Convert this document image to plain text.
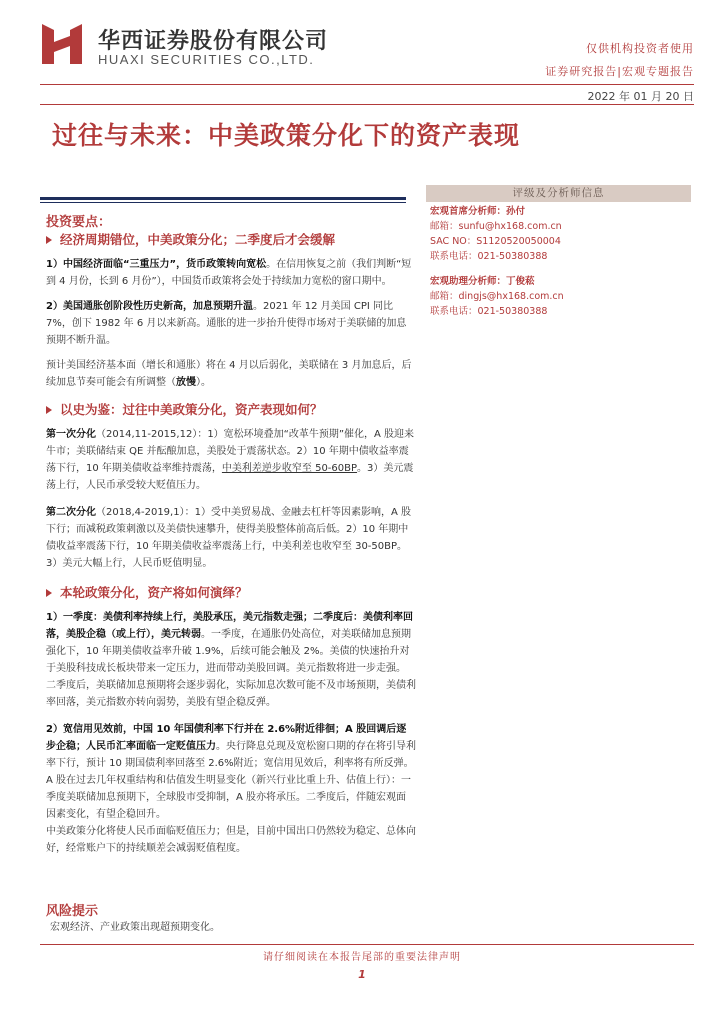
华西证券股份有限公司
HUAXI SECURITIES CO.,LTD.
仅供机构投资者使用
证券研究报告|宏观专题报告
2022 年 01 月 20 日
过往与未来：中美政策分化下的资产表现

投资要点：

经济周期错位，中美政策分化；二季度后才会缓解

1）中国经济面临“三重压力”，货币政策转向宽松。在信用恢复之前（我们判断“短到 4 月份，长到 6 月份”），中国货币政策将会处于持续加力宽松的窗口期中。

2）美国通胀创阶段性历史新高，加息预期升温。2021 年 12 月美国 CPI 同比 7%，创下 1982 年 6 月以来新高。通胀的进一步抬升使得市场对于美联储的加息预期不断升温。

预计美国经济基本面（增长和通胀）将在 4 月以后弱化，美联储在 3 月加息后，后续加息节奏可能会有所调整（放慢）。

以史为鉴：过往中美政策分化，资产表现如何？

第一次分化（2014,11-2015,12）：1）宽松环境叠加“改革牛预期”催化，A 股迎来牛市；美联储结束 QE 并酝酿加息，美股处于震荡状态。2）10 年期中债收益率震荡下行，10 年期美债收益率维持震荡，中美利差逆步收窄至 50-60BP。3）美元震荡上行，人民币承受较大贬值压力。

第二次分化（2018,4-2019,1）：1）受中美贸易战、金融去杠杆等因素影响，A 股下行；而减税政策刺激以及美债快速攀升，使得美股整体前高后低。2）10 年期中债收益率震荡下行，10 年期美债收益率震荡上行，中美利差也收窄至 30-50BP。3）美元大幅上行，人民币贬值明显。

本轮政策分化，资产将如何演绎？

1）一季度：美债利率持续上行，美股承压，美元指数走强；二季度后：美债利率回落，美股企稳（或上行），美元转弱。一季度，在通胀仍处高位，对美联储加息预期强化下，10 年期美债收益率升破 1.9%，后续可能会触及 2%。美债的快速抬升对于美股科技成长板块带来一定压力，进而带动美股回调。美元指数将进一步走强。

二季度后，美联储加息预期将会逐步弱化，实际加息次数可能不及市场预期，美债利率回落，美元指数亦转向弱势，美股有望企稳反弹。

2）宽信用见效前，中国 10 年国债利率下行并在 2.6%附近徘徊；A 股回调后逐步企稳；人民币汇率面临一定贬值压力。央行降息兑现及宽松窗口期的存在将引导利率下行，预计 10 期国债利率回落至 2.6%附近；宽信用见效后，利率将有所反弹。

A 股在过去几年权重结构和估值发生明显变化（新兴行业比重上升、估值上行）：一季度美联储加息预期下，全球股市受抑制，A 股亦将承压。二季度后，伴随宏观面因素变化，有望企稳回升。

中美政策分化将使人民币面临贬值压力；但是，目前中国出口仍然较为稳定、总体向好，经常账户下的持续顺差会减弱贬值程度。

评级及分析师信息
宏观首席分析师：孙付
邮箱：sunfu@hx168.com.cn
SAC NO：S1120520050004
联系电话：021-50380388
宏观助理分析师：丁俊菘
邮箱：dingjs@hx168.com.cn
联系电话：021-50380388
风险提示
宏观经济、产业政策出现超预期变化。
请仔细阅读在本报告尾部的重要法律声明
1
